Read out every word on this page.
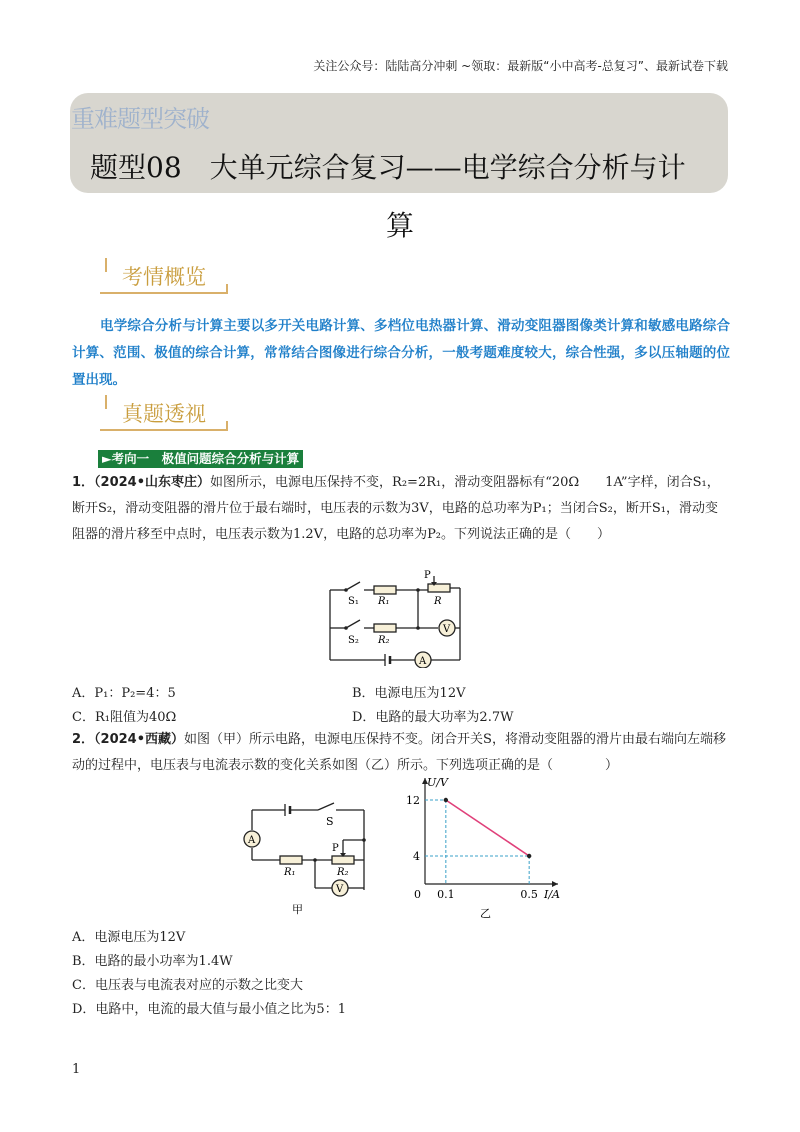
关注公众号：陆陆高分冲刺 ~领取：最新版“小中高考-总复习”、最新试卷下载
重难题型突破
题型08　大单元综合复习——电学综合分析与计
算
考情概览
电学综合分析与计算主要以多开关电路计算、多档位电热器计算、滑动变阻器图像类计算和敏感电路综合计算、范围、极值的综合计算，常常结合图像进行综合分析，一般考题难度较大，综合性强，多以压轴题的位置出现。
真题透视
►考向一　极值问题综合分析与计算
1．（2024•山东枣庄）如图所示，电源电压保持不变，R₂=2R₁，滑动变阻器标有“20Ω　　1A”字样，闭合S₁，断开S₂，滑动变阻器的滑片位于最右端时，电压表的示数为3V，电路的总功率为P₁；当闭合S₂，断开S₁，滑动变阻器的滑片移至中点时，电压表示数为1.2V，电路的总功率为P₂。下列说法正确的是（　　）
S₁ R₁
S₂ R₂
P
R
V
A
A．P₁：P₂=4：5	B．电源电压为12V
C．R₁阻值为40Ω	D．电路的最大功率为2.7W
2．（2024•西藏）如图（甲）所示电路，电源电压保持不变。闭合开关S，将滑动变阻器的滑片由最右端向左端移动的过程中，电压表与电流表示数的变化关系如图（乙）所示。下列选项正确的是（　　　　）
A
S
P
R₁	R₂
V
甲
U/V
I/A
12
4
0 0.1	0.5
乙
A．电源电压为12V
B．电路的最小功率为1.4W
C．电压表与电流表对应的示数之比变大
D．电路中，电流的最大值与最小值之比为5：1
1
